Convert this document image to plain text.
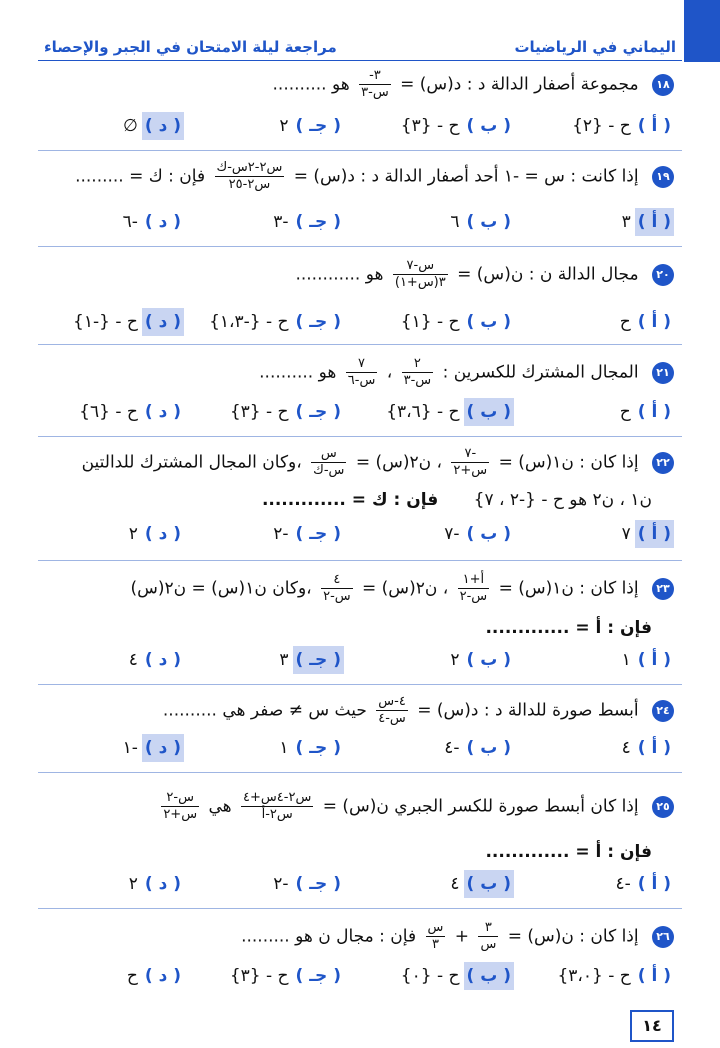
اليماني في الرياضيات
مراجعة ليلة الامتحان في الجبر والإحصاء
١٨ مجموعة أصفار الدالة د : د(س) =
$\frac{٣-}{\text{س-٣}}$
هو ..........
( أ )ح - {٢}
( ب )ح - {٣}
( جـ )٢
( د )∅
١٩ إذا كانت : س = -١ أحد أصفار الدالة د : د(س) =
$\frac{\text{س٢-٢س-ك}}{\text{س٢-٢٥}}$
فإن : ك = .........
( أ )٣
( ب )٦
( جـ )-٣
( د )-٦
٢٠ مجال الدالة ن : ن(س) =
$\frac{\text{س-٧}}{\text{٣(س+١)}}$
هو ............
( أ )ح
( ب )ح - {١}
( جـ )ح - {-١،٣}
( د )ح - {-١}
٢١ المجال المشترك للكسرين :
$\frac{٢}{\text{س-٣}}$
،
$\frac{٧}{\text{س-٦}}$
هو ..........
( أ )ح
( ب )ح - {٣،٦}
( جـ )ح - {٣}
( د )ح - {٦}
٢٢ إذا كان : ن١(س) =
$\frac{-٧}{\text{س+٢}}$
، ن٢(س) =
$\frac{\text{س}}{\text{س-ك}}$
،وكان المجال المشترك للدالتين
ن١ ، ن٢ هو ح - {-٢ ، ٧} فإن : ك = .............
( أ )٧
( ب )-٧
( جـ )-٢
( د )٢
٢٣ إذا كان : ن١(س) =
$\frac{\text{أ+١}}{\text{س-٢}}$
، ن٢(س) =
$\frac{٤}{\text{س-٢}}$
،وكان ن١(س) = ن٢(س)
فإن : أ = .............
( أ )١
( ب )٢
( جـ )٣
( د )٤
٢٤ أبسط صورة للدالة د : د(س) =
$\frac{\text{٤-س}}{\text{س-٤}}$
حيث س ≠ صفر هي ..........
( أ )٤
( ب )-٤
( جـ )١
( د )-١
٢٥ إذا كان أبسط صورة للكسر الجبري ن(س) =
$\frac{\text{س٢-٤س+٤}}{\text{س٢-أ}}$
هي
$\frac{\text{س-٢}}{\text{س+٢}}$
فإن : أ = .............
( أ )-٤
( ب )٤
( جـ )-٢
( د )٢
٢٦ إذا كان : ن(س) =
$\frac{٣}{\text{س}}$
+
$\frac{\text{س}}{٣}$
فإن : مجال ن هو .........
( أ )ح - {٣،٠}
( ب )ح - {٠}
( جـ )ح - {٣}
( د )ح
١٤
